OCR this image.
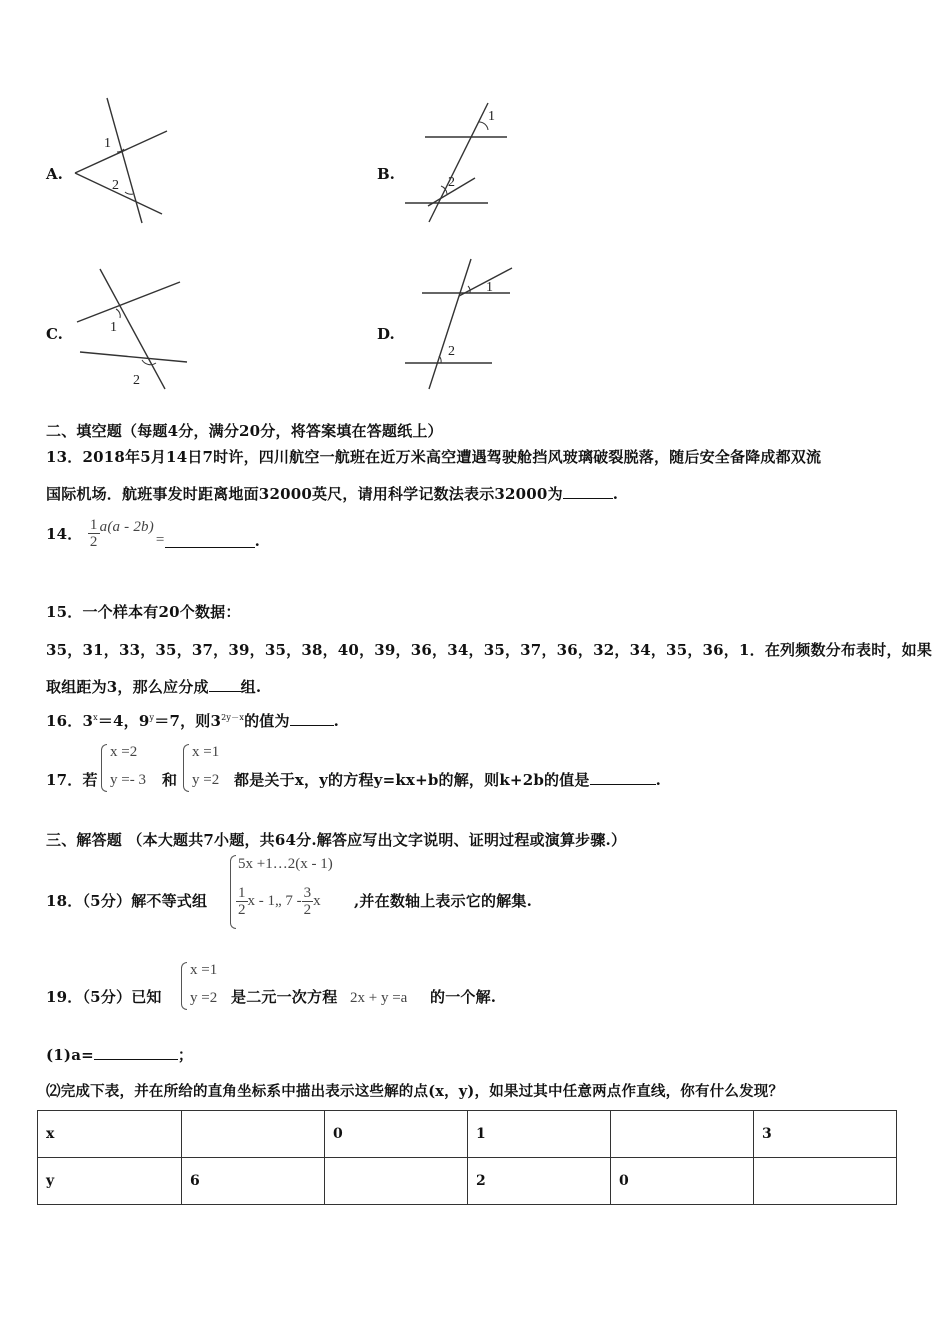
A.
1
2
B.
1
2
C.	1
2
D.
1
2
二、填空题（每题4分，满分20分，将答案填在答题纸上）
13．2018年5月14日7时许，四川航空一航班在近万米高空遭遇驾驶舱挡风玻璃破裂脱落，随后安全备降成都双流
国际机场．航班事发时距离地面32000英尺，请用科学记数法表示32000为	.
14． $\frac{1}{2} a(a - 2b)=$	.
15．一个样本有20个数据：
35，31，33，35，37，39，35，38，40，39，36，34，35，37，36，32，34，35，36，1．在列频数分布表时，如果
取组距为3，那么应分成 组.
16．$3^x=4$，$9^y=7$，则$3^{2y-x}$的值为	.
17．若
x =2
y =- 3 和
x =1
y =2 都是关于x，y的方程y=kx+b的解，则k+2b的值是	.
三、解答题 （本大题共7小题，共64分.解答应写出文字说明、证明过程或演算步骤.）
18．（5分）解不等式组
5x +1…2(x - 1)
$\frac{1}{2}$ x - 1„ $7 - \frac{3}{2}$ x ,并在数轴上表示它的解集.
19．（5分）已知
x =1
y =2 是二元一次方程 2x + y =a 的一个解.
(1)a=	；
⑵完成下表，并在所给的直角坐标系中描出表示这些解的点(x，y)，如果过其中任意两点作直线，你有什么发现？
x		0	1		3
y	6		2	0	
